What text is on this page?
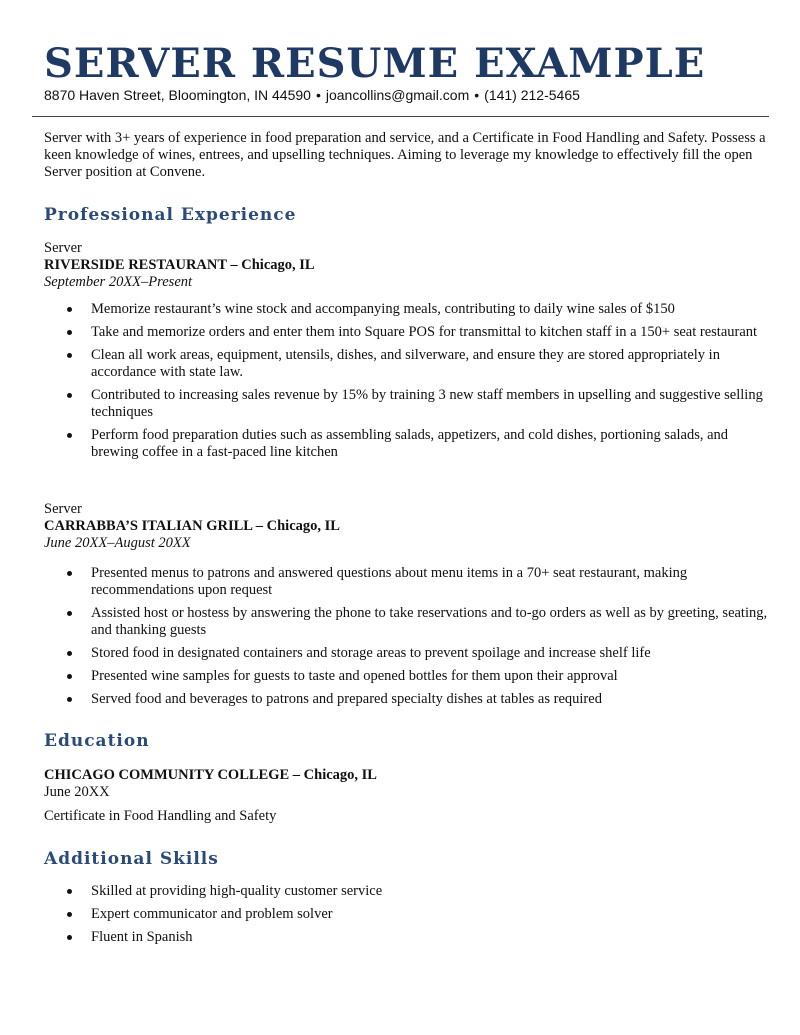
SERVER RESUME EXAMPLE
8870 Haven Street, Bloomington, IN 44590 • joancollins@gmail.com • (141) 212-5465

Server with 3+ years of experience in food preparation and service, and a Certificate in Food Handling and Safety. Possess a keen knowledge of wines, entrees, and upselling techniques. Aiming to leverage my knowledge to effectively fill the open Server position at Convene.

Professional Experience
Server
RIVERSIDE RESTAURANT – Chicago, IL
September 20XX–Present
Memorize restaurant’s wine stock and accompanying meals, contributing to daily wine sales of $150
Take and memorize orders and enter them into Square POS for transmittal to kitchen staff in a 150+ seat restaurant
Clean all work areas, equipment, utensils, dishes, and silverware, and ensure they are stored appropriately in accordance with state law.
Contributed to increasing sales revenue by 15% by training 3 new staff members in upselling and suggestive selling techniques
Perform food preparation duties such as assembling salads, appetizers, and cold dishes, portioning salads, and brewing coffee in a fast-paced line kitchen
Server
CARRABBA’S ITALIAN GRILL – Chicago, IL
June 20XX–August 20XX
Presented menus to patrons and answered questions about menu items in a 70+ seat restaurant, making recommendations upon request
Assisted host or hostess by answering the phone to take reservations and to-go orders as well as by greeting, seating, and thanking guests
Stored food in designated containers and storage areas to prevent spoilage and increase shelf life
Presented wine samples for guests to taste and opened bottles for them upon their approval
Served food and beverages to patrons and prepared specialty dishes at tables as required
Education
CHICAGO COMMUNITY COLLEGE – Chicago, IL
June 20XX
Certificate in Food Handling and Safety
Additional Skills
Skilled at providing high-quality customer service
Expert communicator and problem solver
Fluent in Spanish
